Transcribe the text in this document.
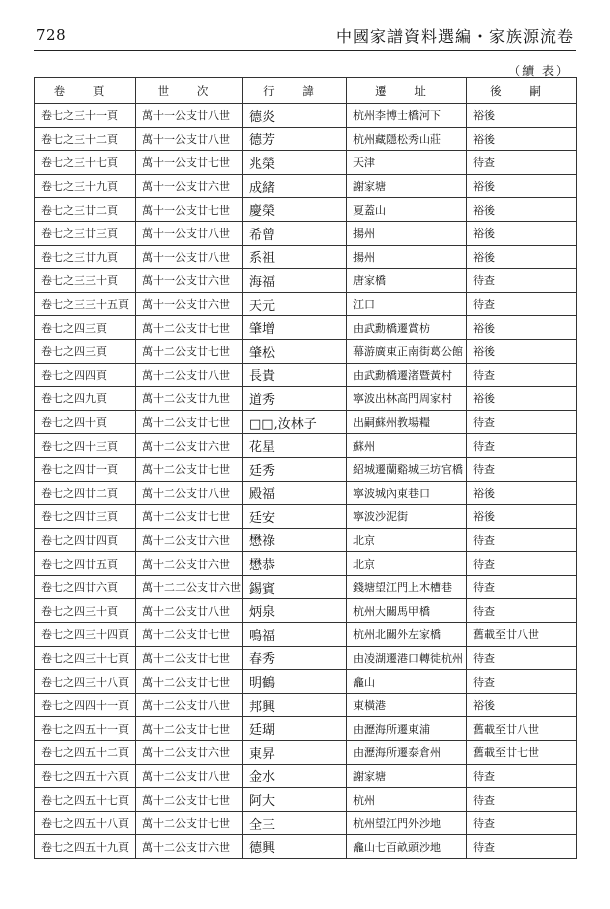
728	中國家譜資料選編・家族源流卷
（續 表）
卷 頁	世 次	行 諱	遷 址	後 嗣
卷七之三十一頁	萬十一公支廿八世	德炎	杭州李博士橋河下	裕後
卷七之三十二頁	萬十一公支廿八世	德芳	杭州藏隱松秀山莊	裕後
卷七之三十七頁	萬十一公支廿七世	兆榮	天津	待查
卷七之三十九頁	萬十一公支廿六世	成緒	謝家塘	裕後
卷七之三廿二頁	萬十一公支廿七世	慶榮	夏蓋山	裕後
卷七之三廿三頁	萬十一公支廿八世	希曾	揚州	裕後
卷七之三廿九頁	萬十一公支廿八世	系祖	揚州	裕後
卷七之三三十頁	萬十一公支廿六世	海福	唐家橋	待查
卷七之三三十五頁	萬十一公支廿六世	天元	江口	待查
卷七之四三頁	萬十二公支廿七世	肇增	由武勳橋遷賞枋	裕後
卷七之四三頁	萬十二公支廿七世	肇松	幕游廣東正南街葛公館	裕後
卷七之四四頁	萬十二公支廿八世	長貴	由武勳橋遷渚暨黃村	待查
卷七之四九頁	萬十二公支廿九世	道秀	寧波出林高門周家村	裕後
卷七之四十頁	萬十二公支廿七世	□□,汝林子	出嗣蘇州教場糧	待查
卷七之四十三頁	萬十二公支廿六世	花星	蘇州	待查
卷七之四廿一頁	萬十二公支廿七世	廷秀	紹城遷蘭谿城三坊官橋	待查
卷七之四廿二頁	萬十二公支廿八世	殿福	寧波城內東巷口	裕後
卷七之四廿三頁	萬十二公支廿七世	廷安	寧波沙泥街	裕後
卷七之四廿四頁	萬十二公支廿六世	懋祿	北京	待查
卷七之四廿五頁	萬十二公支廿六世	懋恭	北京	待查
卷七之四廿六頁	萬十二二公支廿六世	錫賓	錢塘望江門上木槽巷	待查
卷七之四三十頁	萬十二公支廿八世	炳泉	杭州大關馬甲橋	待查
卷七之四三十四頁	萬十二公支廿七世	鳴福	杭州北關外左家橋	舊載至廿八世
卷七之四三十七頁	萬十二公支廿七世	春秀	由凌湖遷港口轉徙杭州	待查
卷七之四三十八頁	萬十二公支廿七世	明鶴	龕山	待查
卷七之四四十一頁	萬十二公支廿八世	邦興	東橫港	裕後
卷七之四五十一頁	萬十二公支廿七世	廷瑚	由瀝海所遷東浦	舊載至廿八世
卷七之四五十二頁	萬十二公支廿六世	東昇	由瀝海所遷泰倉州	舊載至廿七世
卷七之四五十六頁	萬十二公支廿八世	金水	謝家塘	待查
卷七之四五十七頁	萬十二公支廿七世	阿大	杭州	待查
卷七之四五十八頁	萬十二公支廿七世	全三	杭州望江門外沙地	待查
卷七之四五十九頁	萬十二公支廿六世	德興	龕山七百畝頭沙地	待查
